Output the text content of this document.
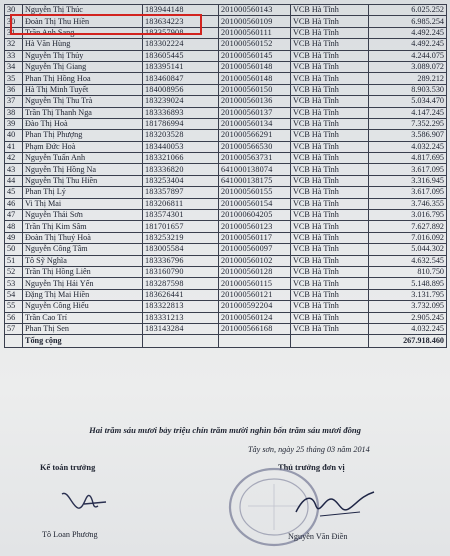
30	Nguyễn Thị Thúc	183944148	201000560143	VCB Hà Tĩnh	6.025.252
30	Đoàn Thị Thu Hiền	183634223	201000560109	VCB Hà Tĩnh	6.985.254
31	Trần Anh Sang	183357908	201000560111	VCB Hà Tĩnh	4.492.245
32	Hà Văn Hùng	183302224	201000560152	VCB Hà Tĩnh	4.492.245
33	Nguyễn Thị Thủy	183605445	201000560145	VCB Hà Tĩnh	4.244.075
34	Nguyễn Thị Giang	183395141	201000560148	VCB Hà Tĩnh	3.089.072
35	Phan Thị Hồng Hoa	183460847	201000560148	VCB Hà Tĩnh	289.212
36	Hà Thị Minh Tuyết	184008956	201000560150	VCB Hà Tĩnh	8.903.530
37	Nguyễn Thị Thu Trà	183239024	201000560136	VCB Hà Tĩnh	5.034.470
38	Trần Thị Thanh Nga	183336893	201000560137	VCB Hà Tĩnh	4.147.245
39	Đào Thị Hoà	181786994	201000560134	VCB Hà Tĩnh	7.352.295
40	Phan Thị Phượng	183203528	201000566291	VCB Hà Tĩnh	3.586.907
41	Phạm Đức Hoà	183440053	201000566530	VCB Hà Tĩnh	4.032.245
42	Nguyễn Tuấn Anh	183321066	201000563731	VCB Hà Tĩnh	4.817.695
43	Nguyễn Thị Hồng Na	183336820	641000138074	VCB Hà Tĩnh	3.617.095
44	Nguyễn Thị Thu Hiền	183253404	641000138175	VCB Hà Tĩnh	3.316.945
45	Phan Thị Lý	183357897	201000560155	VCB Hà Tĩnh	3.617.095
46	Vi Thị Mai	183206811	201000560154	VCB Hà Tĩnh	3.746.355
47	Nguyễn Thái Sơn	183574301	201000604205	VCB Hà Tĩnh	3.016.795
48	Trần Thị Kim Sâm	181701657	201000560123	VCB Hà Tĩnh	7.627.892
49	Đoàn Thị Thuý Hoà	183253219	201000560117	VCB Hà Tĩnh	7.016.092
50	Nguyễn Công Tâm	183005584	201000560097	VCB Hà Tĩnh	5.044.302
51	Tô Sỹ Nghĩa	183336796	201000560102	VCB Hà Tĩnh	4.632.545
52	Trần Thị Hồng Liên	183160790	201000560128	VCB Hà Tĩnh	810.750
53	Nguyễn Thị Hải Yến	183287598	201000560115	VCB Hà Tĩnh	5.148.895
54	Đặng Thị Mai Hiền	183626441	201000560121	VCB Hà Tĩnh	3.131.795
55	Nguyễn Công Hiếu	183322813	201000592204	VCB Hà Tĩnh	3.732.095
56	Trần Cao Trí	183331213	201000560124	VCB Hà Tĩnh	2.905.245
57	Phan Thị Sen	183143284	201000566168	VCB Hà Tĩnh	4.032.245
	Tổng cộng				267.918.460
Hai trăm sáu mươi bảy triệu chín trăm mười nghìn bốn trăm sáu mươi đồng
Tây sơn, ngày 25 tháng 03 năm 2014
Kế toán trưởng	Thủ trưởng đơn vị
Tô Loan Phương	Nguyễn Văn Điền
